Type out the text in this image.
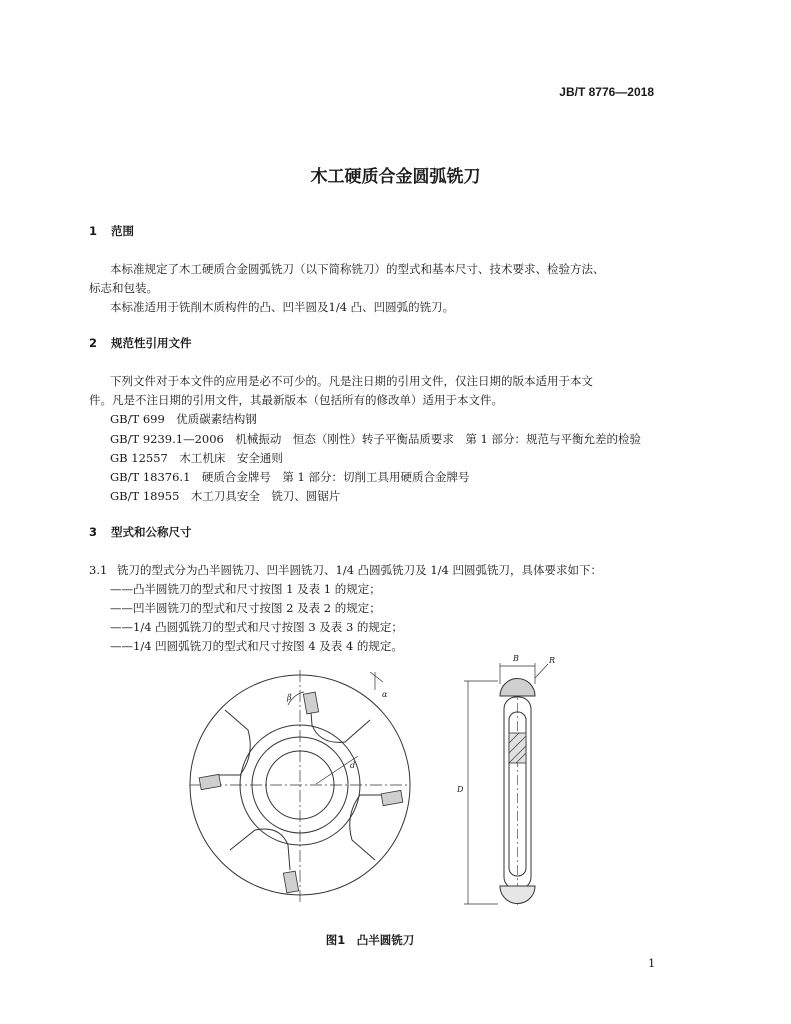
JB/T 8776—2018
木工硬质合金圆弧铣刀
1 范围
本标准规定了木工硬质合金圆弧铣刀（以下简称铣刀）的型式和基本尺寸、技术要求、检验方法、
标志和包装。
本标准适用于铣削木质构件的凸、凹半圆及1/4 凸、凹圆弧的铣刀。
2 规范性引用文件
下列文件对于本文件的应用是必不可少的。凡是注日期的引用文件，仅注日期的版本适用于本文
件。凡是不注日期的引用文件，其最新版本（包括所有的修改单）适用于本文件。
GB/T 699　优质碳素结构钢
GB/T 9239.1—2006　机械振动　恒态（刚性）转子平衡品质要求　第 1 部分：规范与平衡允差的检验
GB 12557　木工机床　安全通则
GB/T 18376.1　硬质合金牌号　第 1 部分：切削工具用硬质合金牌号
GB/T 18955　木工刀具安全　铣刀、圆锯片
3 型式和公称尺寸
3.1 铣刀的型式分为凸半圆铣刀、凹半圆铣刀、1/4 凸圆弧铣刀及 1/4 凹圆弧铣刀，具体要求如下：
——凸半圆铣刀的型式和尺寸按图 1 及表 1 的规定；
——凹半圆铣刀的型式和尺寸按图 2 及表 2 的规定；
——1/4 凸圆弧铣刀的型式和尺寸按图 3 及表 3 的规定；
——1/4 凹圆弧铣刀的型式和尺寸按图 4 及表 4 的规定。
β	α
d
B	R
D
图1　凸半圆铣刀
1
